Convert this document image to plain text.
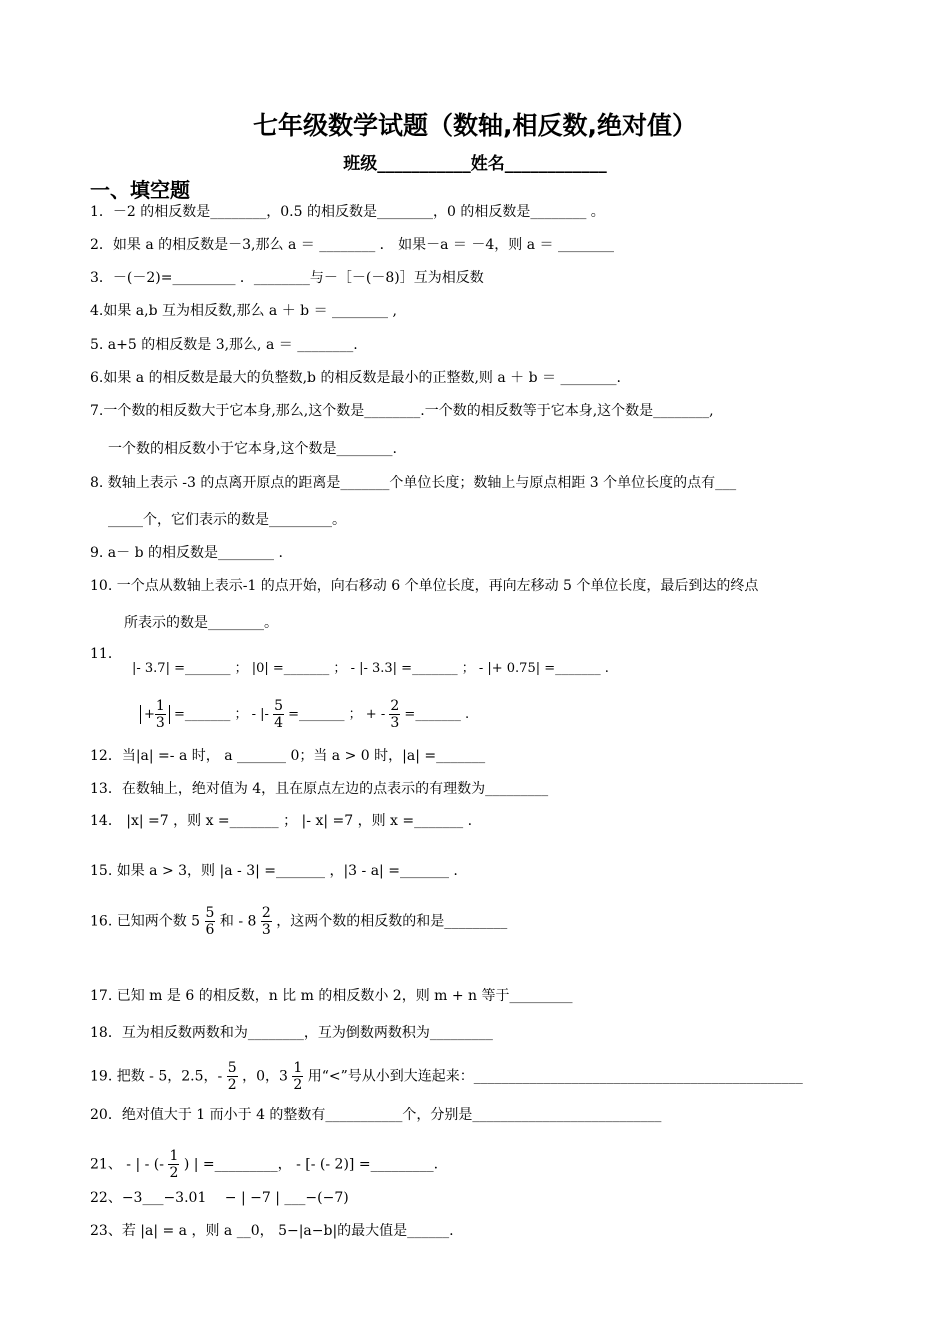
七年级数学试题（数轴,相反数,绝对值）
班级___________姓名____________
一、填空题
1．－2 的相反数是________，0.5 的相反数是________，0 的相反数是________ 。
2．如果 a 的相反数是－3,那么 a ＝ ________ ． 如果－a ＝ －4，则 a ＝ ________
3．－(－2)=_________ ．________与－［－(－8)］互为相反数
4.如果 a,b 互为相反数,那么 a ＋ b ＝ ________ ,
5. a+5 的相反数是 3,那么, a ＝ ________.
6.如果 a 的相反数是最大的负整数,b 的相反数是最小的正整数,则 a ＋ b ＝ ________.
7.一个数的相反数大于它本身,那么,这个数是________.一个数的相反数等于它本身,这个数是________,
一个数的相反数小于它本身,这个数是________.
8. 数轴上表示 -3 的点离开原点的距离是_______个单位长度；数轴上与原点相距 3 个单位长度的点有___
_____个，它们表示的数是_________。
9. a－ b 的相反数是________ .
10. 一个点从数轴上表示-1 的点开始，向右移动 6 个单位长度，再向左移动 5 个单位长度，最后到达的终点
所表示的数是________。
11．
|- 3.7| =_______ ； |0| =_______ ； - |- 3.3| =_______ ； - |+ 0.75| =_______ .
+ $\frac{1}{3}$ =_______ ； - |- $\frac{5}{4}$ =_______ ； + - $\frac{2}{3}$ =_______ .
12．当|a| =- a 时， a _______ 0；当 a > 0 时，|a| =_______
13．在数轴上，绝对值为 4，且在原点左边的点表示的有理数为_________
14． |x| =7 ，则 x =_______ ； |- x| =7 ，则 x =_______ .
15. 如果 a > 3，则 |a - 3| =_______ ，|3 - a| =_______ .
16. 已知两个数 $5 \frac{5}{6}$ 和 - $8 \frac{2}{3}$ ，这两个数的相反数的和是_________
17. 已知 m 是 6 的相反数，n 比 m 的相反数小 2，则 m + n 等于_________
18．互为相反数两数和为________，互为倒数两数积为_________
19. 把数 - 5，2.5，- $\frac{5}{2}$ ，0，$3 \frac{1}{2}$ 用“<”号从小到大连起来：_______________________________________________
20．绝对值大于 1 而小于 4 的整数有___________个，分别是___________________________
21、 - | - (- $\frac{1}{2}$ ) | =_________， - [- (- 2)] =_________.
22、−3___−3.01　 − | −7 | ___−(−7)
23、若 |a| = a ，则 a __0， 5−|a−b|的最大值是______.
